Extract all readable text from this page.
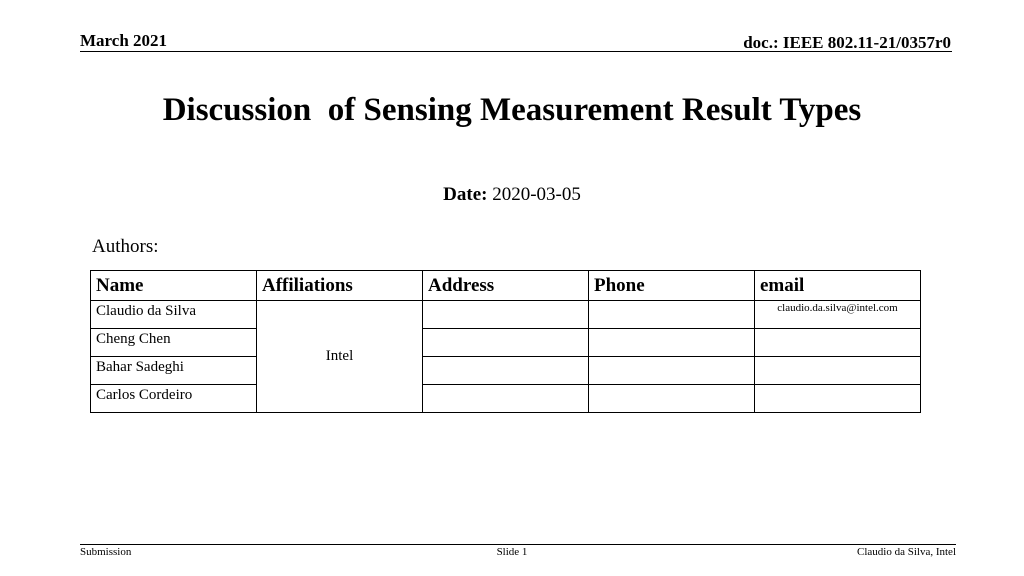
March 2021	doc.: IEEE 802.11-21/0357r0
Discussion  of Sensing Measurement Result Types
Date: 2020-03-05
Authors:
Name	Affiliations	Address	Phone	email
Claudio da Silva	Intel			claudio.da.silva@intel.com
Cheng Chen				
Bahar Sadeghi				
Carlos Cordeiro				
Submission	Slide 1	Claudio da Silva, Intel
